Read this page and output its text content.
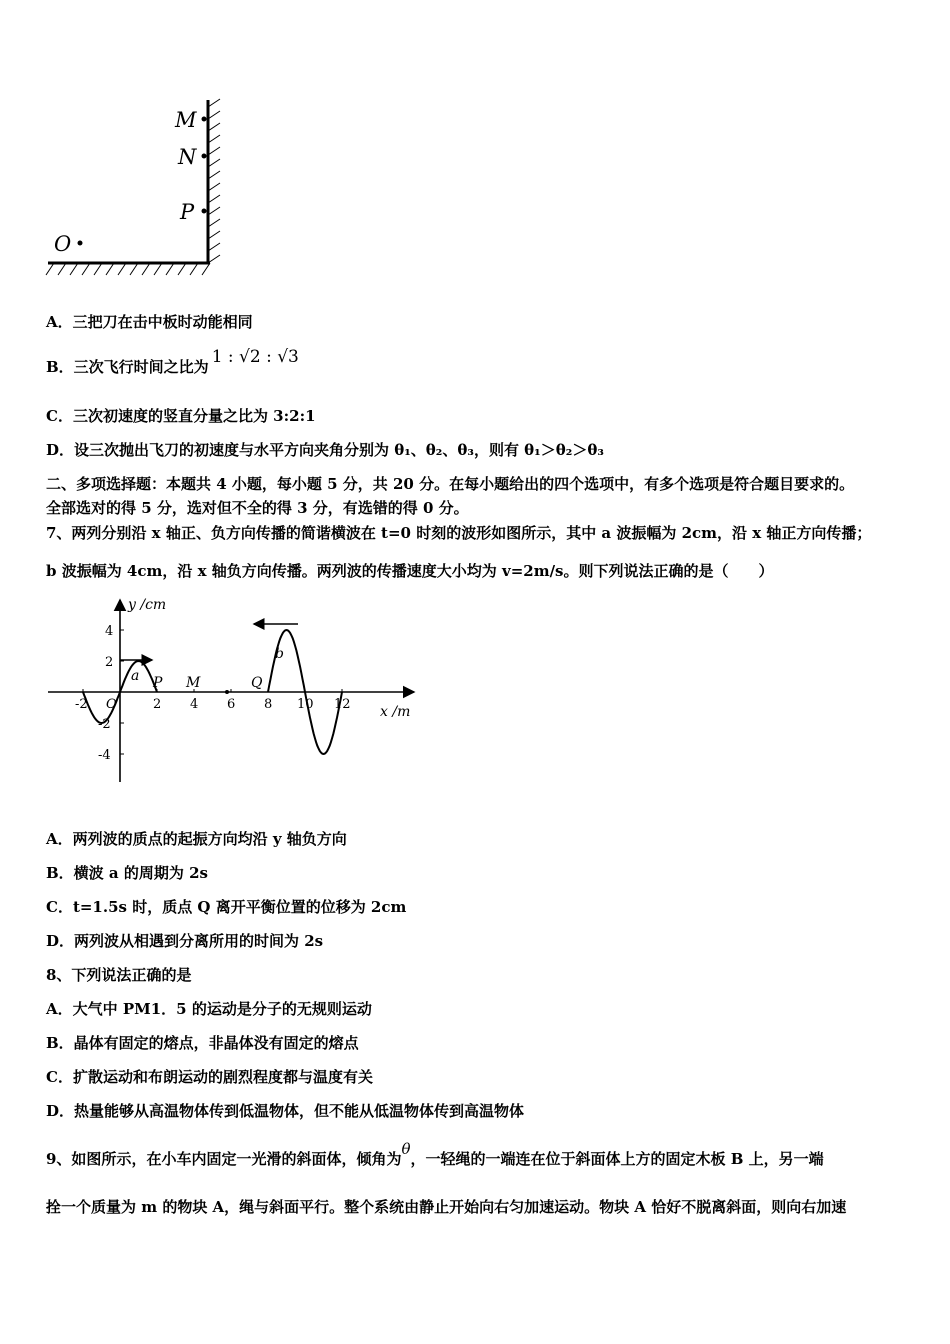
M
N
P
O
A．三把刀在击中板时动能相同
B．三次飞行时间之比为 1 : √2 : √3
C．三次初速度的竖直分量之比为 3:2:1
D．设三次抛出飞刀的初速度与水平方向夹角分别为 θ₁、θ₂、θ₃，则有 θ₁＞θ₂＞θ₃
二、多项选择题：本题共 4 小题，每小题 5 分，共 20 分。在每小题给出的四个选项中，有多个选项是符合题目要求的。
全部选对的得 5 分，选对但不全的得 3 分，有选错的得 0 分。
7、两列分别沿 x 轴正、负方向传播的简谐横波在 t=0 时刻的波形如图所示，其中 a 波振幅为 2cm，沿 x 轴正方向传播；
b 波振幅为 4cm，沿 x 轴负方向传播。两列波的传播速度大小均为 v=2m/s。则下列说法正确的是（　　）
-2 O	2 4 6 8 10 12
4
2
-2
-4
y /cm
x /m
a P M	Q
b
A．两列波的质点的起振方向均沿 y 轴负方向
B．横波 a 的周期为 2s
C．t=1.5s 时，质点 Q 离开平衡位置的位移为 2cm
D．两列波从相遇到分离所用的时间为 2s
8、下列说法正确的是
A．大气中 PM1．5 的运动是分子的无规则运动
B．晶体有固定的熔点，非晶体没有固定的熔点
C．扩散运动和布朗运动的剧烈程度都与温度有关
D．热量能够从高温物体传到低温物体，但不能从低温物体传到高温物体
9、如图所示，在小车内固定一光滑的斜面体，倾角为θ，一轻绳的一端连在位于斜面体上方的固定木板 B 上，另一端
拴一个质量为 m 的物块 A，绳与斜面平行。整个系统由静止开始向右匀加速运动。物块 A 恰好不脱离斜面，则向右加速
